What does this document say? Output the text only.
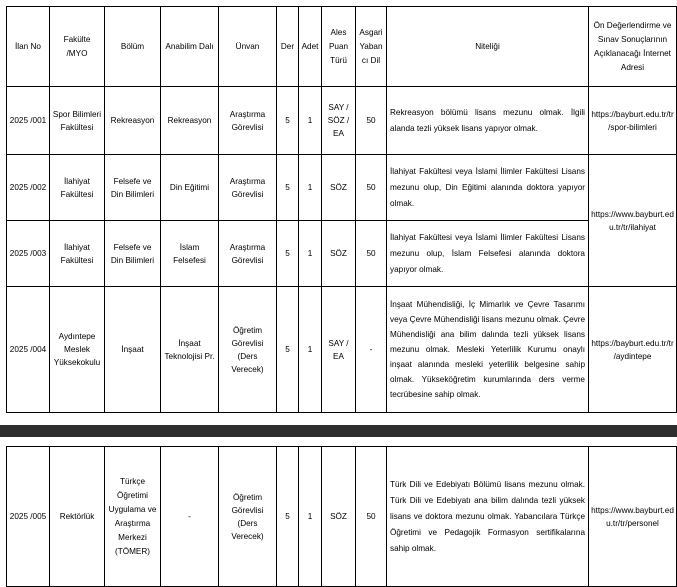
İlan No	Fakülte /MYO	Bölüm	Anabilim Dalı	Ünvan	Der	Adet	Ales Puan Türü	Asgari Yabancı Dil	Niteliği	Ön Değerlendirme ve Sınav Sonuçlarının Açıklanacağı İnternet Adresi
2025 /001	Spor Bilimleri Fakültesi	Rekreasyon	Rekreasyon	Araştırma Görevlisi	5	1	SAY / SÖZ / EA	50	Rekreasyon bölümü lisans mezunu olmak. İlgili alanda tezli yüksek lisans yapıyor olmak.	https://bayburt.edu.tr/tr/spor-bilimleri
2025 /002	İlahiyat Fakültesi	Felsefe ve Din Bilimleri	Din Eğitimi	Araştırma Görevlisi	5	1	SÖZ	50	İlahiyat Fakültesi veya İslami İlimler Fakültesi Lisans mezunu olup, Din Eğitimi alanında doktora yapıyor olmak.	https://www.bayburt.edu.tr/tr/ilahiyat
2025 /003	İlahiyat Fakültesi	Felsefe ve Din Bilimleri	İslam Felsefesi	Araştırma Görevlisi	5	1	SÖZ	50	İlahiyat Fakültesi veya İslami İlimler Fakültesi Lisans mezunu olup, İslam Felsefesi alanında doktora yapıyor olmak.	
2025 /004	Aydıntepe Meslek Yüksekokulu	İnşaat	İnşaat Teknolojisi Pr.	Öğretim Görevlisi (Ders Verecek)	5	1	SAY / EA	-	İnşaat Mühendisliği, İç Mimarlık ve Çevre Tasarımı veya Çevre Mühendisliği lisans mezunu olmak. Çevre Mühendisliği ana bilim dalında tezli yüksek lisans mezunu olmak. Mesleki Yeterlilik Kurumu onaylı inşaat alanında mesleki yeterlilik belgesine sahip olmak. Yükseköğretim kurumlarında ders verme tecrübesine sahip olmak.	https://bayburt.edu.tr/tr/aydintepe
2025 /005	Rektörlük	Türkçe Öğretimi Uygulama ve Araştırma Merkezi (TÖMER)	-	Öğretim Görevlisi (Ders Verecek)	5	1	SÖZ	50	Türk Dili ve Edebiyatı Bölümü lisans mezunu olmak. Türk Dili ve Edebiyatı ana bilim dalında tezli yüksek lisans ve doktora mezunu olmak. Yabancılara Türkçe Öğretimi ve Pedagojik Formasyon sertifikalarına sahip olmak.	https://www.bayburt.edu.tr/tr/personel
